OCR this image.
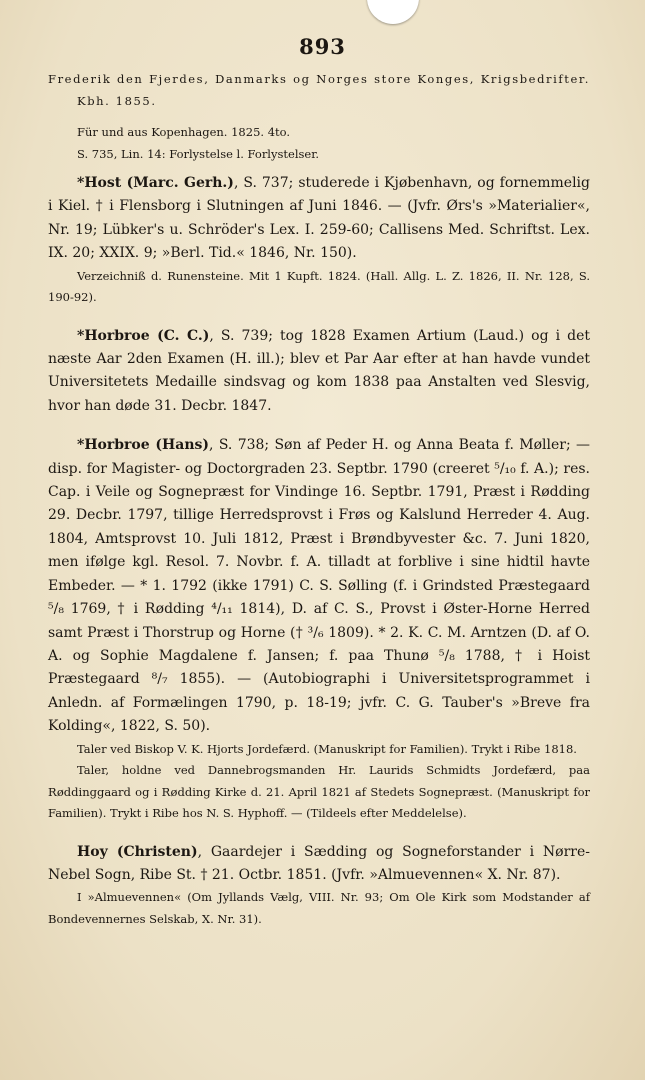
893

Frederik den Fjerdes, Danmarks og Norges store Konges, Krigsbedrifter. Kbh. 1855.

Für und aus Kopenhagen. 1825. 4to.

S. 735, Lin. 14: Forlystelse l. Forlystelser.

*Host (Marc. Gerh.), S. 737; studerede i Kjøbenhavn, og fornemmelig i Kiel. † i Flensborg i Slutningen af Juni 1846. — (Jvfr. Ørs's »Materialier«, Nr. 19; Lübker's u. Schröder's Lex. I. 259-60; Callisens Med. Schriftst. Lex. IX. 20; XXIX. 9; »Berl. Tid.« 1846, Nr. 150).

Verzeichniß d. Runensteine. Mit 1 Kupft. 1824. (Hall. Allg. L. Z. 1826, II. Nr. 128, S. 190-92).

*Horbroe (C. C.), S. 739; tog 1828 Examen Artium (Laud.) og i det næste Aar 2den Examen (H. ill.); blev et Par Aar efter at han havde vundet Universitetets Medaille sindsvag og kom 1838 paa Anstalten ved Slesvig, hvor han døde 31. Decbr. 1847.

*Horbroe (Hans), S. 738; Søn af Peder H. og Anna Beata f. Møller; — disp. for Magister- og Doctorgraden 23. Septbr. 1790 (creeret ⁵/₁₀ f. A.); res. Cap. i Veile og Sognepræst for Vindinge 16. Septbr. 1791, Præst i Rødding 29. Decbr. 1797, tillige Herredsprovst i Frøs og Kalslund Herreder 4. Aug. 1804, Amtsprovst 10. Juli 1812, Præst i Brøndbyvester &c. 7. Juni 1820, men ifølge kgl. Resol. 7. Novbr. f. A. tilladt at forblive i sine hidtil havte Embeder. — * 1. 1792 (ikke 1791) C. S. Sølling (f. i Grindsted Præstegaard ⁵/₈ 1769, † i Rødding ⁴/₁₁ 1814), D. af C. S., Provst i Øster-Horne Herred samt Præst i Thorstrup og Horne († ³/₆ 1809). * 2. K. C. M. Arntzen (D. af O. A. og Sophie Magdalene f. Jansen; f. paa Thunø ⁵/₈ 1788, † i Hoist Præstegaard ⁸/₇ 1855). — (Autobiographi i Universitetsprogrammet i Anledn. af Formælingen 1790, p. 18-19; jvfr. C. G. Tauber's »Breve fra Kolding«, 1822, S. 50).

Taler ved Biskop V. K. Hjorts Jordefærd. (Manuskript for Familien). Trykt i Ribe 1818.

Taler, holdne ved Dannebrogsmanden Hr. Laurids Schmidts Jordefærd, paa Røddinggaard og i Rødding Kirke d. 21. April 1821 af Stedets Sognepræst. (Manuskript for Familien). Trykt i Ribe hos N. S. Hyphoff. — (Tildeels efter Meddelelse).

Hoy (Christen), Gaardejer i Sædding og Sogneforstander i Nørre-Nebel Sogn, Ribe St. † 21. Octbr. 1851. (Jvfr. »Almuevennen« X. Nr. 87).

I »Almuevennen« (Om Jyllands Vælg, VIII. Nr. 93; Om Ole Kirk som Modstander af Bondevennernes Selskab, X. Nr. 31).
